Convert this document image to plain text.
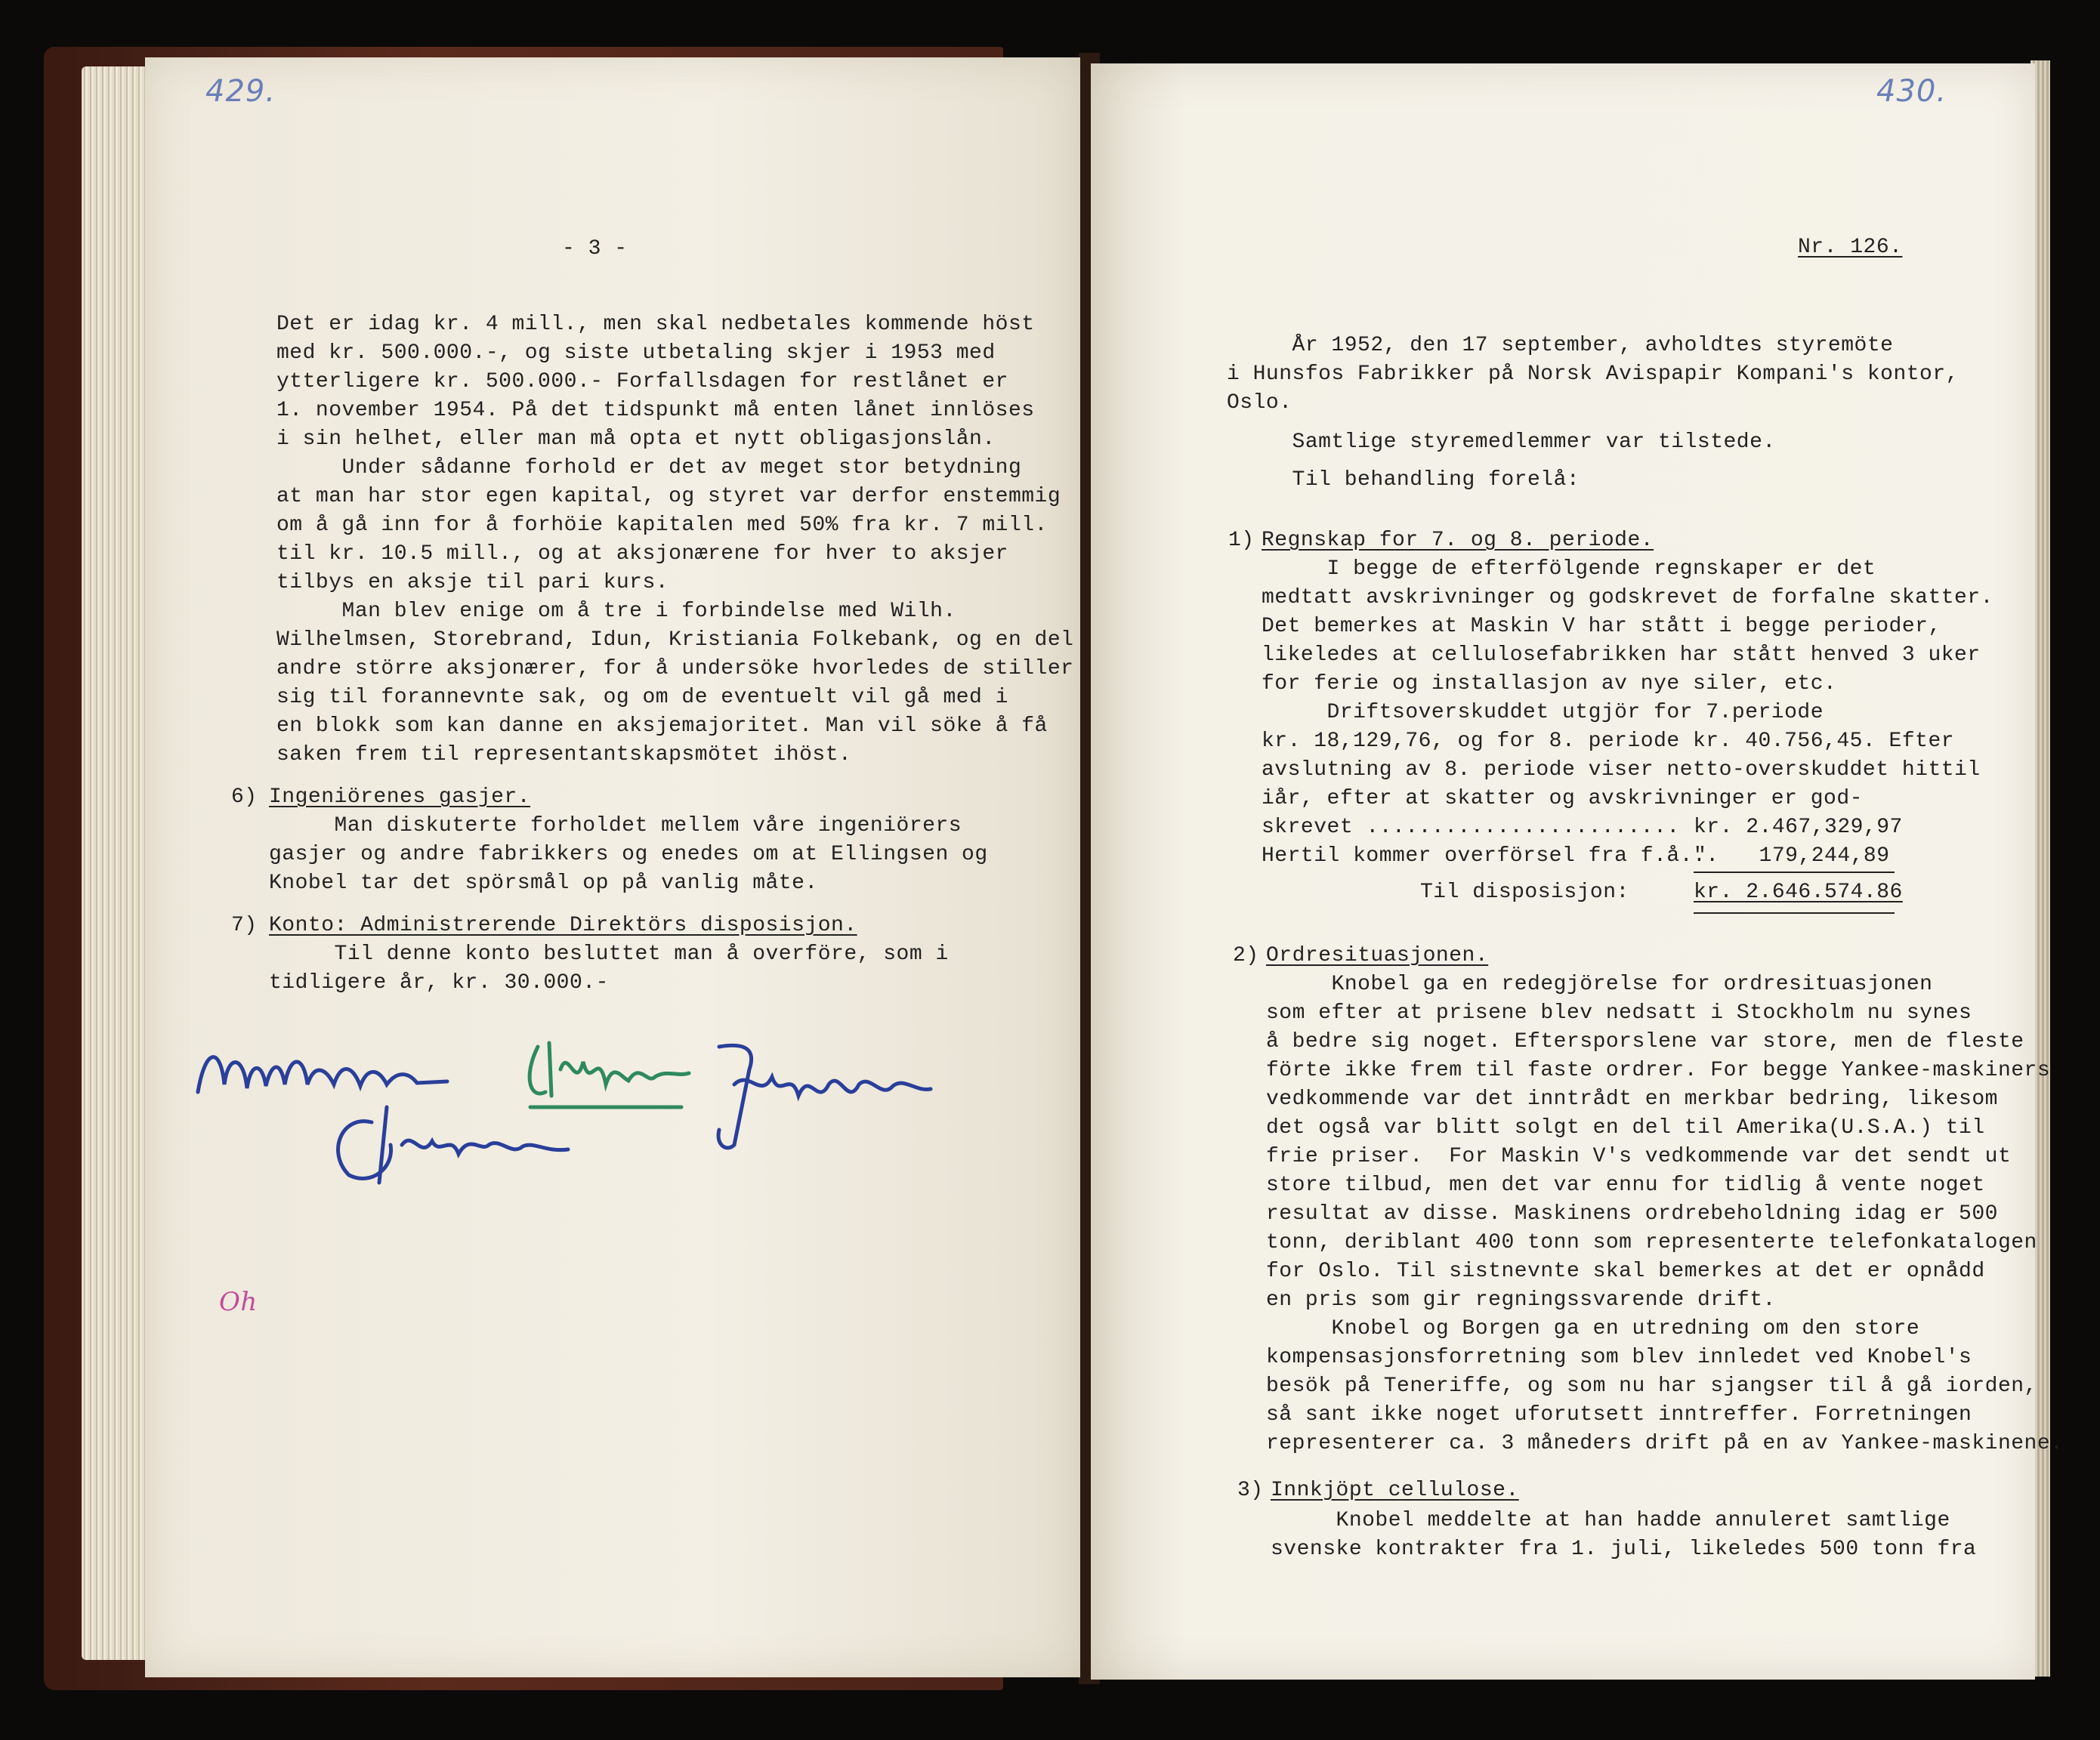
429.
- 3 -
Det er idag kr. 4 mill., men skal nedbetales kommende höst
med kr. 500.000.-, og siste utbetaling skjer i 1953 med
ytterligere kr. 500.000.- Forfallsdagen for restlånet er
1. november 1954. På det tidspunkt må enten lånet innlöses
i sin helhet, eller man må opta et nytt obligasjonslån.
Under sådanne forhold er det av meget stor betydning
at man har stor egen kapital, og styret var derfor enstemmig
om å gå inn for å forhöie kapitalen med 50% fra kr. 7 mill.
til kr. 10.5 mill., og at aksjonærene for hver to aksjer
tilbys en aksje til pari kurs.
Man blev enige om å tre i forbindelse med Wilh.
Wilhelmsen, Storebrand, Idun, Kristiania Folkebank, og en del
andre större aksjonærer, for å undersöke hvorledes de stiller
sig til forannevnte sak, og om de eventuelt vil gå med i
en blokk som kan danne en aksjemajoritet. Man vil söke å få
saken frem til representantskapsmötet ihöst.
6) Ingeniörenes gasjer.
Man diskuterte forholdet mellem våre ingeniörers
gasjer og andre fabrikkers og enedes om at Ellingsen og
Knobel tar det spörsmål op på vanlig måte.
7) Konto: Administrerende Direktörs disposisjon.
Til denne konto besluttet man å overföre, som i
tidligere år, kr. 30.000.-
Oh
430.
Nr. 126.
År 1952, den 17 september, avholdtes styremöte
i Hunsfos Fabrikker på Norsk Avispapir Kompani's kontor,
Oslo.
Samtlige styremedlemmer var tilstede.
Til behandling forelå:
1) Regnskap for 7. og 8. periode.
I begge de efterfölgende regnskaper er det
medtatt avskrivninger og godskrevet de forfalne skatter.
Det bemerkes at Maskin V har stått i begge perioder,
likeledes at cellulosefabrikken har stått henved 3 uker
for ferie og installasjon av nye siler, etc.
Driftsoverskuddet utgjör for 7.periode
kr. 18,129,76, og for 8. periode kr. 40.756,45. Efter
avslutning av 8. periode viser netto-overskuddet hittil
iår, efter at skatter og avskrivninger er god-
skrevet ........................ kr. 2.467,329,97
Hertil kommer overförsel fra f.å...
"    179,244,89
Til disposisjon:	kr. 2.646.574.86
2) Ordresituasjonen.
Knobel ga en redegjörelse for ordresituasjonen
som efter at prisene blev nedsatt i Stockholm nu synes
å bedre sig noget. Eftersporslene var store, men de fleste
förte ikke frem til faste ordrer. For begge Yankee-maskiners
vedkommende var det inntrådt en merkbar bedring, likesom
det også var blitt solgt en del til Amerika(U.S.A.) til
frie priser.  For Maskin V's vedkommende var det sendt ut
store tilbud, men det var ennu for tidlig å vente noget
resultat av disse. Maskinens ordrebeholdning idag er 500
tonn, deriblant 400 tonn som representerte telefonkatalogen
for Oslo. Til sistnevnte skal bemerkes at det er opnådd
en pris som gir regningssvarende drift.
Knobel og Borgen ga en utredning om den store
kompensasjonsforretning som blev innledet ved Knobel's
besök på Teneriffe, og som nu har sjangser til å gå iorden,
så sant ikke noget uforutsett inntreffer. Forretningen
representerer ca. 3 måneders drift på en av Yankee-maskinene.
3) Innkjöpt cellulose.
Knobel meddelte at han hadde annuleret samtlige
svenske kontrakter fra 1. juli, likeledes 500 tonn fra
